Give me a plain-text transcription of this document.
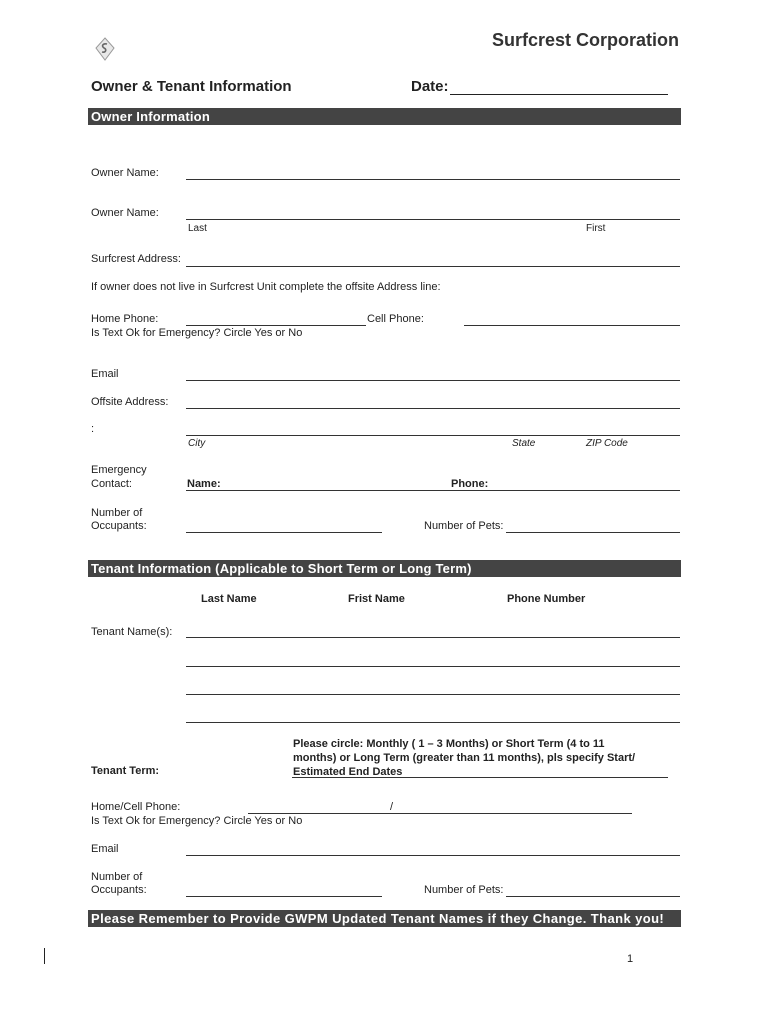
Surfcrest Corporation
Owner & Tenant Information	Date:
Owner Information
Owner Name:
Owner Name:
Last	First
Surfcrest Address:
If owner does not live in Surfcrest Unit complete the offsite Address line:
Home Phone:	Cell Phone:
Is Text Ok for Emergency? Circle Yes or No
Email
Offsite Address:
:
City	State	ZIP Code
Emergency
Contact:	Name:	Phone:
Number of
Occupants:	Number of Pets:
Tenant Information (Applicable to Short Term or Long Term)
Last Name	Frist Name	Phone Number
Tenant Name(s):
Please circle: Monthly ( 1 – 3 Months) or Short Term (4 to 11
months) or Long Term (greater than 11 months), pls specify Start/
Estimated End Dates
Tenant Term:
Home/Cell Phone:	/
Is Text Ok for Emergency? Circle Yes or No
Email
Number of
Occupants:	Number of Pets:
Please Remember to Provide GWPM Updated Tenant Names if they Change. Thank you!
1
